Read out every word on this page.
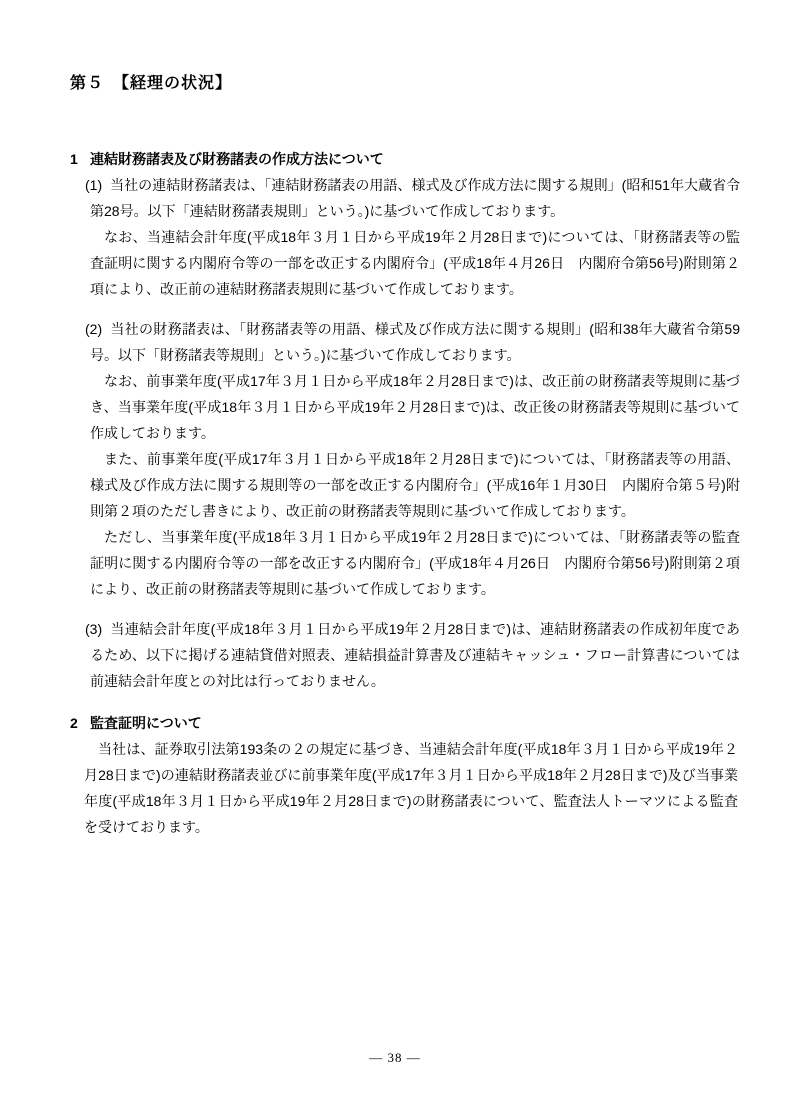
第５　【経理の状況】
1 連結財務諸表及び財務諸表の作成方法について

(1) 当社の連結財務諸表は、「連結財務諸表の用語、様式及び作成方法に関する規則」(昭和51年大蔵省令第28号。以下「連結財務諸表規則」という。)に基づいて作成しております。

なお、当連結会計年度(平成18年３月１日から平成19年２月28日まで)については、「財務諸表等の監査証明に関する内閣府令等の一部を改正する内閣府令」(平成18年４月26日　内閣府令第56号)附則第２項により、改正前の連結財務諸表規則に基づいて作成しております。

(2) 当社の財務諸表は、「財務諸表等の用語、様式及び作成方法に関する規則」(昭和38年大蔵省令第59号。以下「財務諸表等規則」という。)に基づいて作成しております。

なお、前事業年度(平成17年３月１日から平成18年２月28日まで)は、改正前の財務諸表等規則に基づき、当事業年度(平成18年３月１日から平成19年２月28日まで)は、改正後の財務諸表等規則に基づいて作成しております。

また、前事業年度(平成17年３月１日から平成18年２月28日まで)については、「財務諸表等の用語、様式及び作成方法に関する規則等の一部を改正する内閣府令」(平成16年１月30日　内閣府令第５号)附則第２項のただし書きにより、改正前の財務諸表等規則に基づいて作成しております。

ただし、当事業年度(平成18年３月１日から平成19年２月28日まで)については、「財務諸表等の監査証明に関する内閣府令等の一部を改正する内閣府令」(平成18年４月26日　内閣府令第56号)附則第２項により、改正前の財務諸表等規則に基づいて作成しております。

(3) 当連結会計年度(平成18年３月１日から平成19年２月28日まで)は、連結財務諸表の作成初年度であるため、以下に掲げる連結貸借対照表、連結損益計算書及び連結キャッシュ・フロー計算書については前連結会計年度との対比は行っておりません。

2 監査証明について

当社は、証券取引法第193条の２の規定に基づき、当連結会計年度(平成18年３月１日から平成19年２月28日まで)の連結財務諸表並びに前事業年度(平成17年３月１日から平成18年２月28日まで)及び当事業年度(平成18年３月１日から平成19年２月28日まで)の財務諸表について、監査法人トーマツによる監査を受けております。

― 38 ―
